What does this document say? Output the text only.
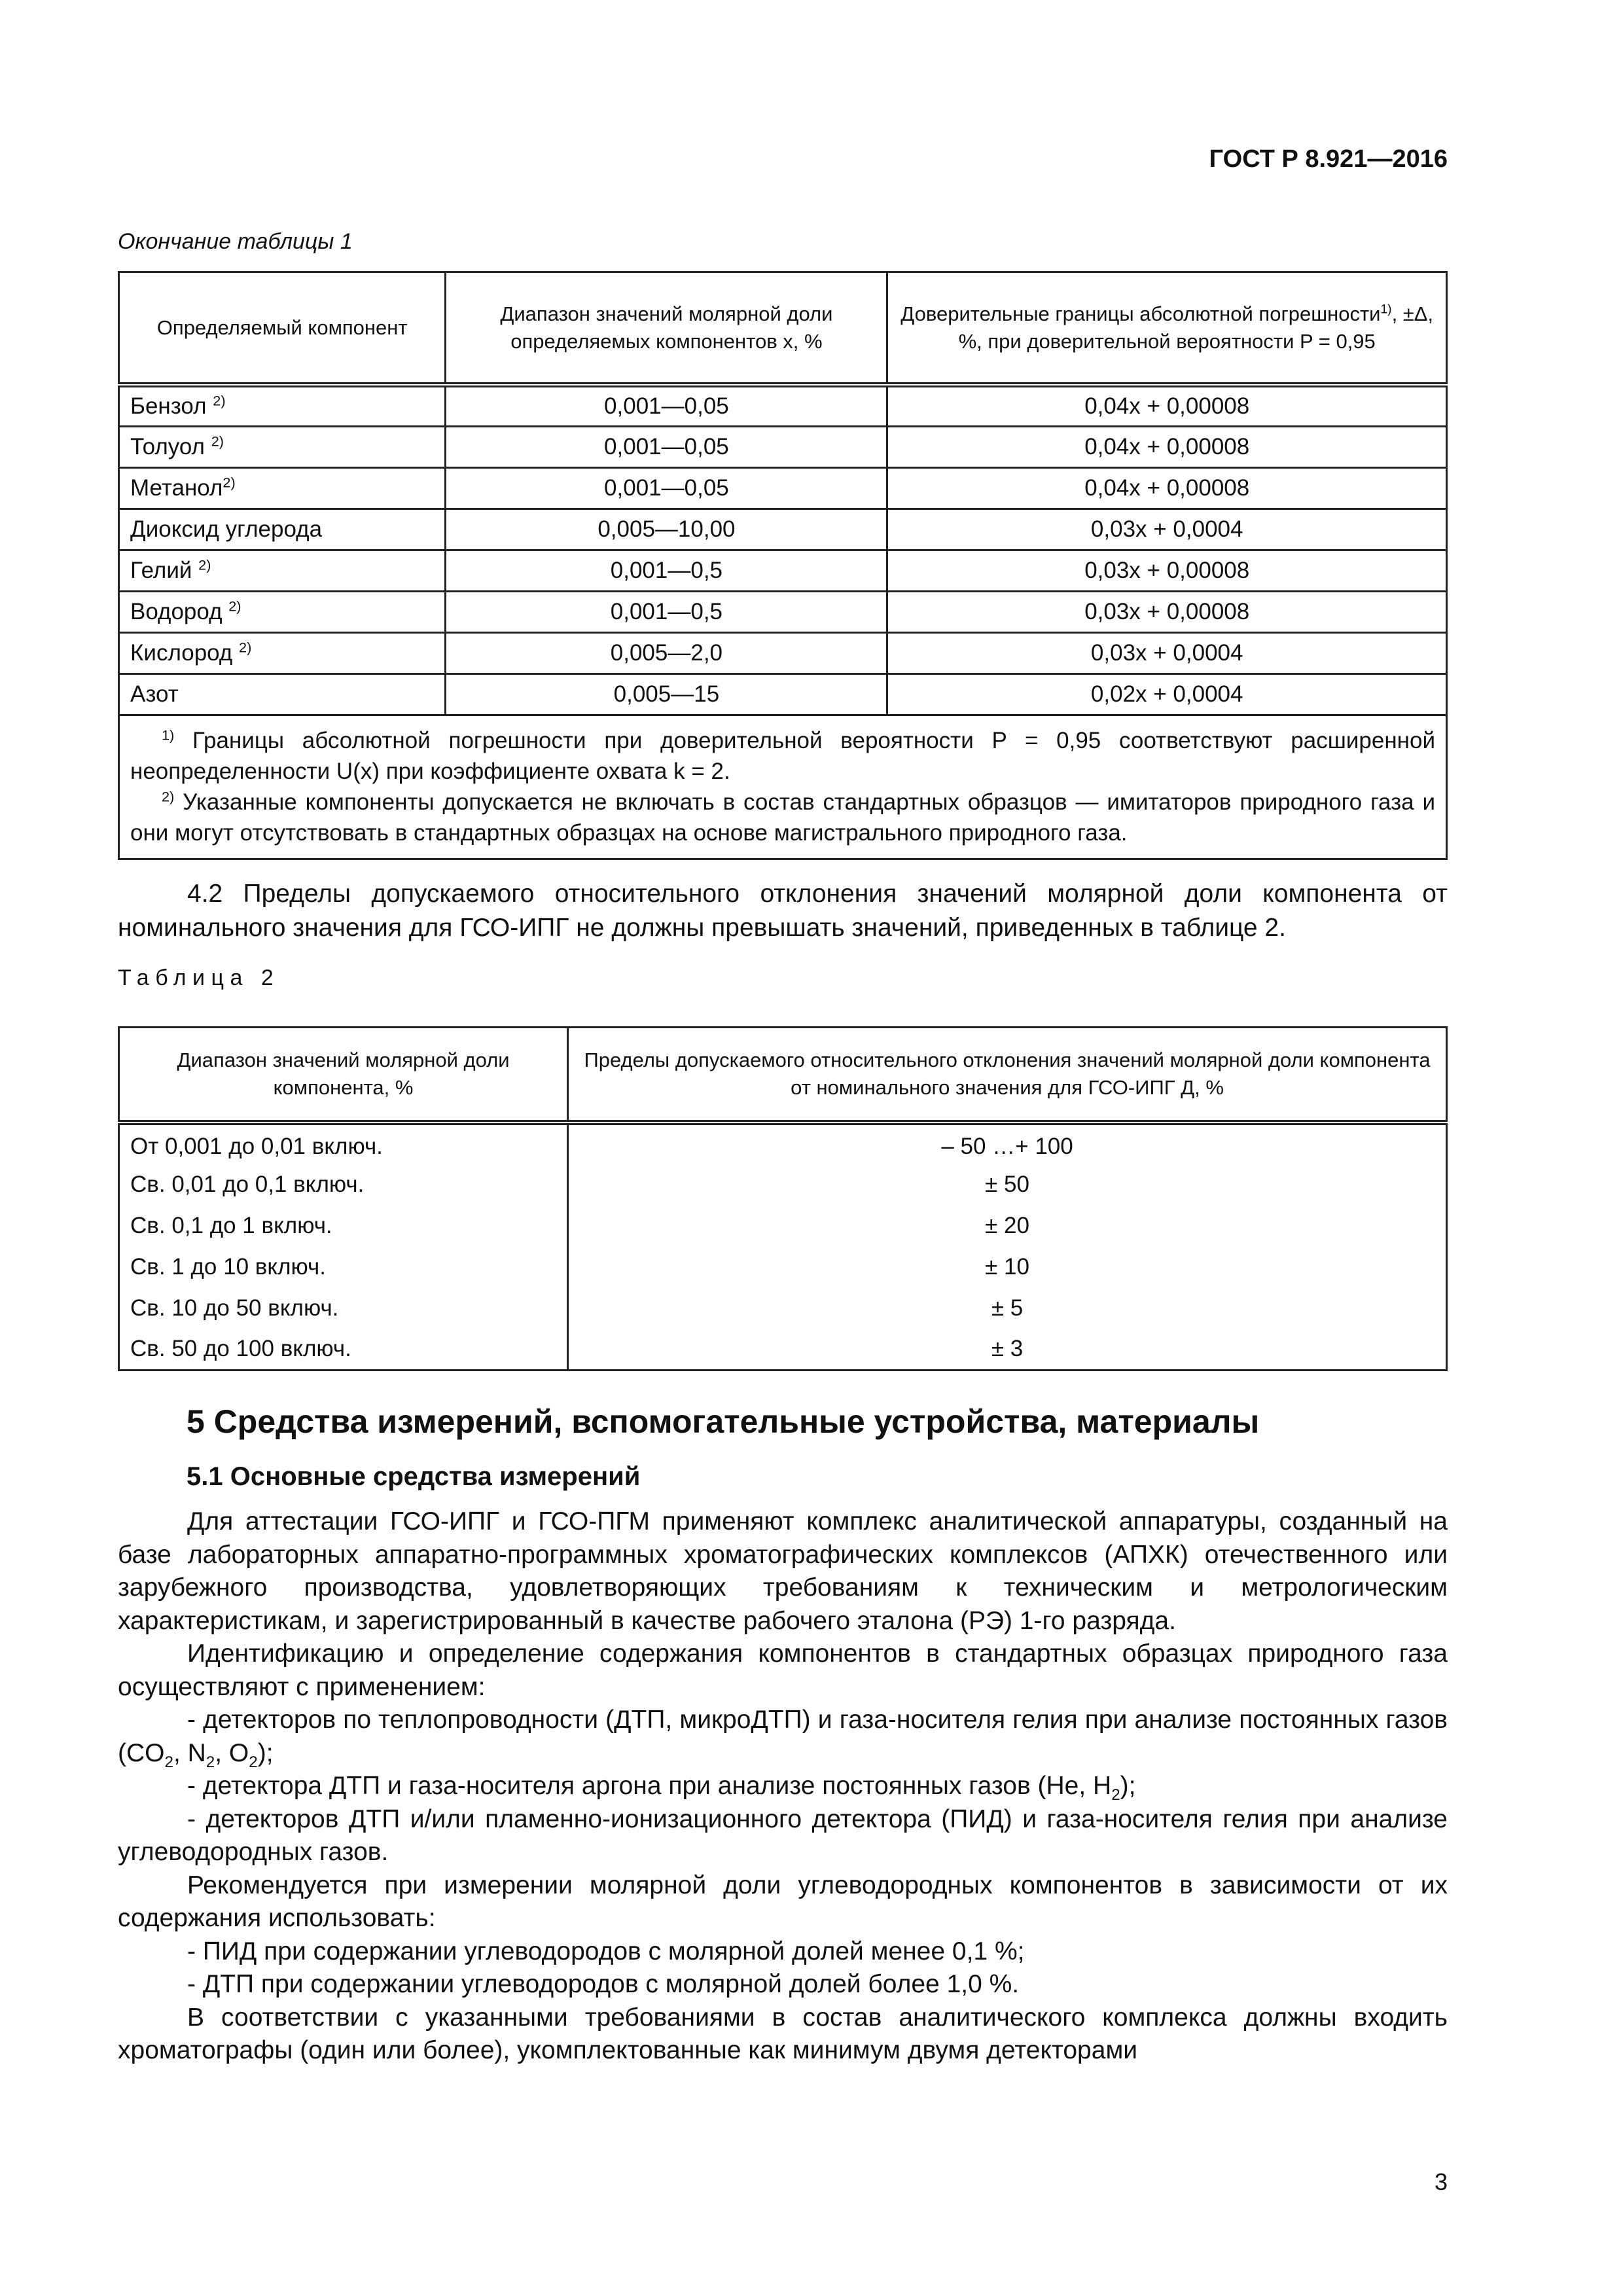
ГОСТ Р 8.921—2016
Окончание таблицы 1
Определяемый компонент	Диапазон значений молярной доли определяемых компонентов x, %	Доверительные границы абсолютной погрешности$^{1)}$, ±Δ, %, при доверительной вероятности P = 0,95
Бензол $^{2)}$	0,001—0,05	0,04x + 0,00008
Толуол $^{2)}$	0,001—0,05	0,04x + 0,00008
Метанол$^{2)}$	0,001—0,05	0,04x + 0,00008
Диоксид углерода	0,005—10,00	0,03x + 0,0004
Гелий $^{2)}$	0,001—0,5	0,03x + 0,00008
Водород $^{2)}$	0,001—0,5	0,03x + 0,00008
Кислород $^{2)}$	0,005—2,0	0,03x + 0,0004
Азот	0,005—15	0,02x + 0,0004

$^{1)}$ Границы абсолютной погрешности при доверительной вероятности P = 0,95 соответствуют расширенной неопределенности U(x) при коэффициенте охвата k = 2.
$^{2)}$ Указанные компоненты допускается не включать в состав стандартных образцов — имитаторов природного газа и они могут отсутствовать в стандартных образцах на основе магистрального природного газа.		
4.2 Пределы допускаемого относительного отклонения значений молярной доли компонента от номинального значения для ГСО-ИПГ не должны превышать значений, приведенных в таблице 2.
Таблица 2
Диапазон значений молярной доли компонента, %	Пределы допускаемого относительного отклонения значений молярной доли компонента от номинального значения для ГСО-ИПГ Д, %
От 0,001 до 0,01 включ.	– 50 …+ 100
Св. 0,01 до 0,1 включ.	± 50
Св. 0,1 до 1 включ.	± 20
Св. 1 до 10 включ.	± 10
Св. 10 до 50 включ.	± 5
Св. 50 до 100 включ.	± 3
5 Средства измерений, вспомогательные устройства, материалы
5.1 Основные средства измерений

Для аттестации ГСО-ИПГ и ГСО-ПГМ применяют комплекс аналитической аппаратуры, созданный на базе лабораторных аппаратно-программных хроматографических комплексов (АПХК) отечественного или зарубежного производства, удовлетворяющих требованиям к техническим и метрологическим характеристикам, и зарегистрированный в качестве рабочего эталона (РЭ) 1-го разряда.

Идентификацию и определение содержания компонентов в стандартных образцах природного газа осуществляют с применением:

- детекторов по теплопроводности (ДТП, микроДТП) и газа-носителя гелия при анализе постоянных газов ($CO_2$, $N_2$, $O_2$);

- детектора ДТП и газа-носителя аргона при анализе постоянных газов (He, $H_2$);

- детекторов ДТП и/или пламенно-ионизационного детектора (ПИД) и газа-носителя гелия при анализе углеводородных газов.

Рекомендуется при измерении молярной доли углеводородных компонентов в зависимости от их содержания использовать:

- ПИД при содержании углеводородов с молярной долей менее 0,1 %;

- ДТП при содержании углеводородов с молярной долей более 1,0 %.

В соответствии с указанными требованиями в состав аналитического комплекса должны входить хроматографы (один или более), укомплектованные как минимум двумя детекторами

3
